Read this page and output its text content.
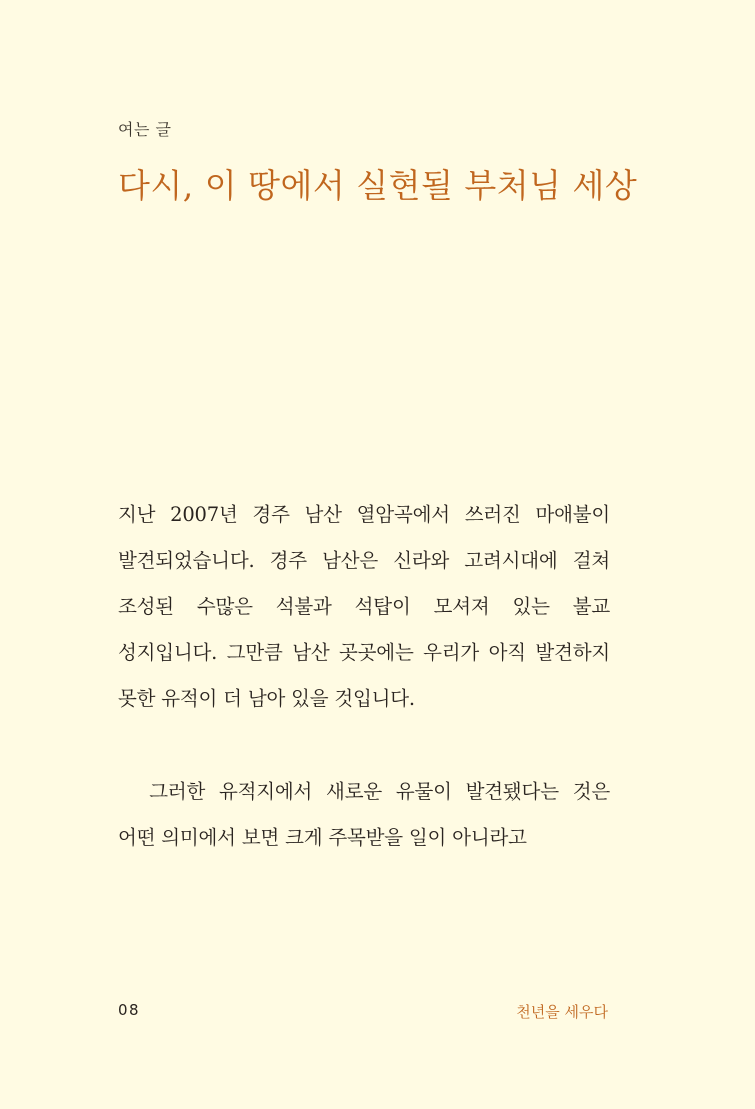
여는 글
다시, 이 땅에서 실현될 부처님 세상

지난 2007년 경주 남산 열암곡에서 쓰러진 마애불이 발견되었습니다. 경주 남산은 신라와 고려시대에 걸쳐 조성된 수많은 석불과 석탑이 모셔져 있는 불교 성지입니다. 그만큼 남산 곳곳에는 우리가 아직 발견하지 못한 유적이 더 남아 있을 것입니다.

그러한 유적지에서 새로운 유물이 발견됐다는 것은 어떤 의미에서 보면 크게 주목받을 일이 아니라고

08	천년을 세우다
